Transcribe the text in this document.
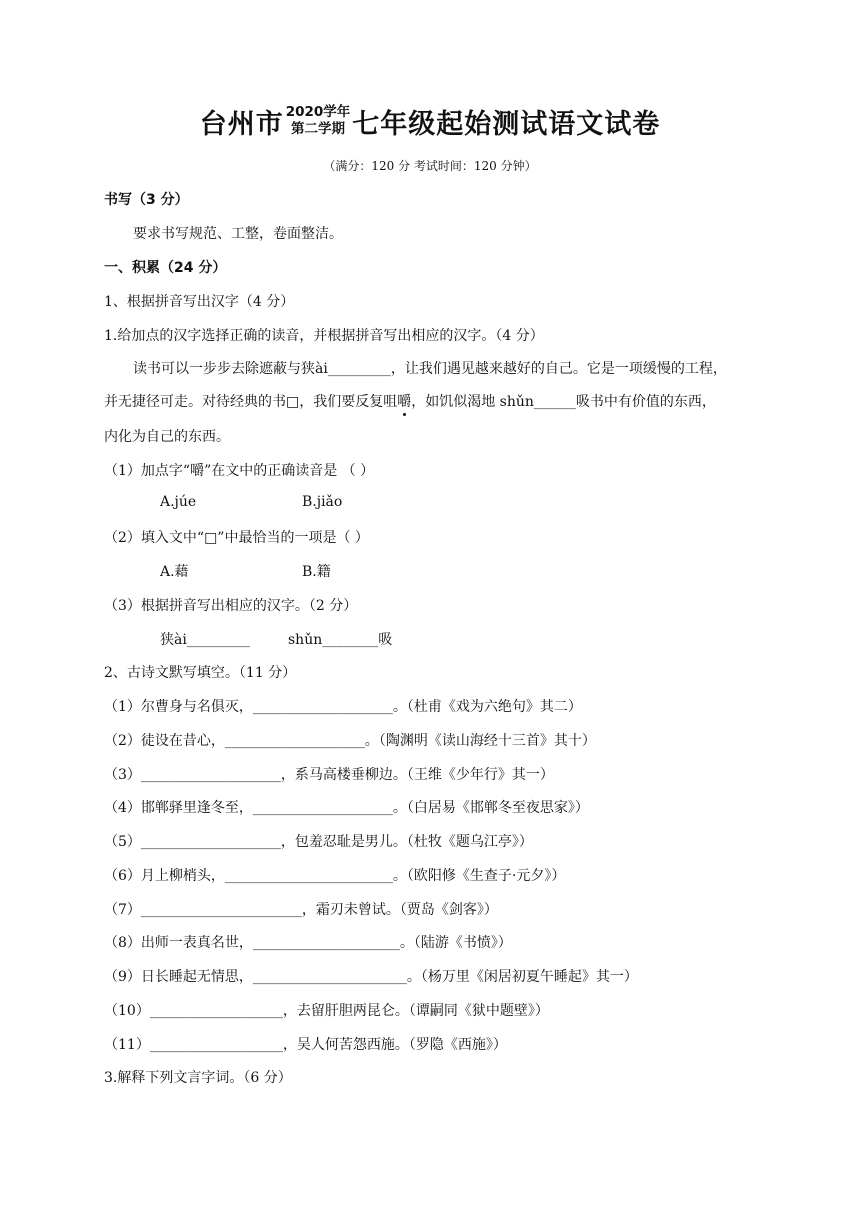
台州市 2020学年
第二学期 七年级起始测试语文试卷
（满分：120 分 考试时间：120 分钟）
书写（3 分）
要求书写规范、工整，卷面整洁。
一、积累（24 分）
1、根据拼音写出汉字（4 分）
1.给加点的汉字选择正确的读音，并根据拼音写出相应的汉字。（4 分）
读书可以一步步去除遮蔽与狭ài_________，让我们遇见越来越好的自己。它是一项缓慢的工程，
并无捷径可走。对待经典的书□，我们要反复咀嚼，如饥似渴地 shǔn______吸书中有价值的东西，
内化为自己的东西。
（1）加点字“嚼”在文中的正确读音是 （ ）
A.júe	B.jiǎo
（2）填入文中“□”中最恰当的一项是（ ）
A.藉	B.籍
（3）根据拼音写出相应的汉字。（2 分）
狭ài_________	shǔn________吸
2、古诗文默写填空。（11 分）
（1）尔曹身与名俱灭，____________________。（杜甫《戏为六绝句》其二）
（2）徒设在昔心，____________________。（陶渊明《读山海经十三首》其十）
（3）____________________，系马高楼垂柳边。（王维《少年行》其一）
（4）邯郸驿里逢冬至，____________________。（白居易《邯郸冬至夜思家》）
（5）____________________，包羞忍耻是男儿。（杜牧《题乌江亭》）
（6）月上柳梢头，________________________。（欧阳修《生查子·元夕》）
（7）_______________________，霜刃未曾试。（贾岛《剑客》）
（8）出师一表真名世，_____________________。（陆游《书愤》）
（9）日长睡起无情思，______________________。（杨万里《闲居初夏午睡起》其一）
（10）___________________，去留肝胆两昆仑。（谭嗣同《狱中题壁》）
（11）___________________，吴人何苦怨西施。（罗隐《西施》）
3.解释下列文言字词。（6 分）
